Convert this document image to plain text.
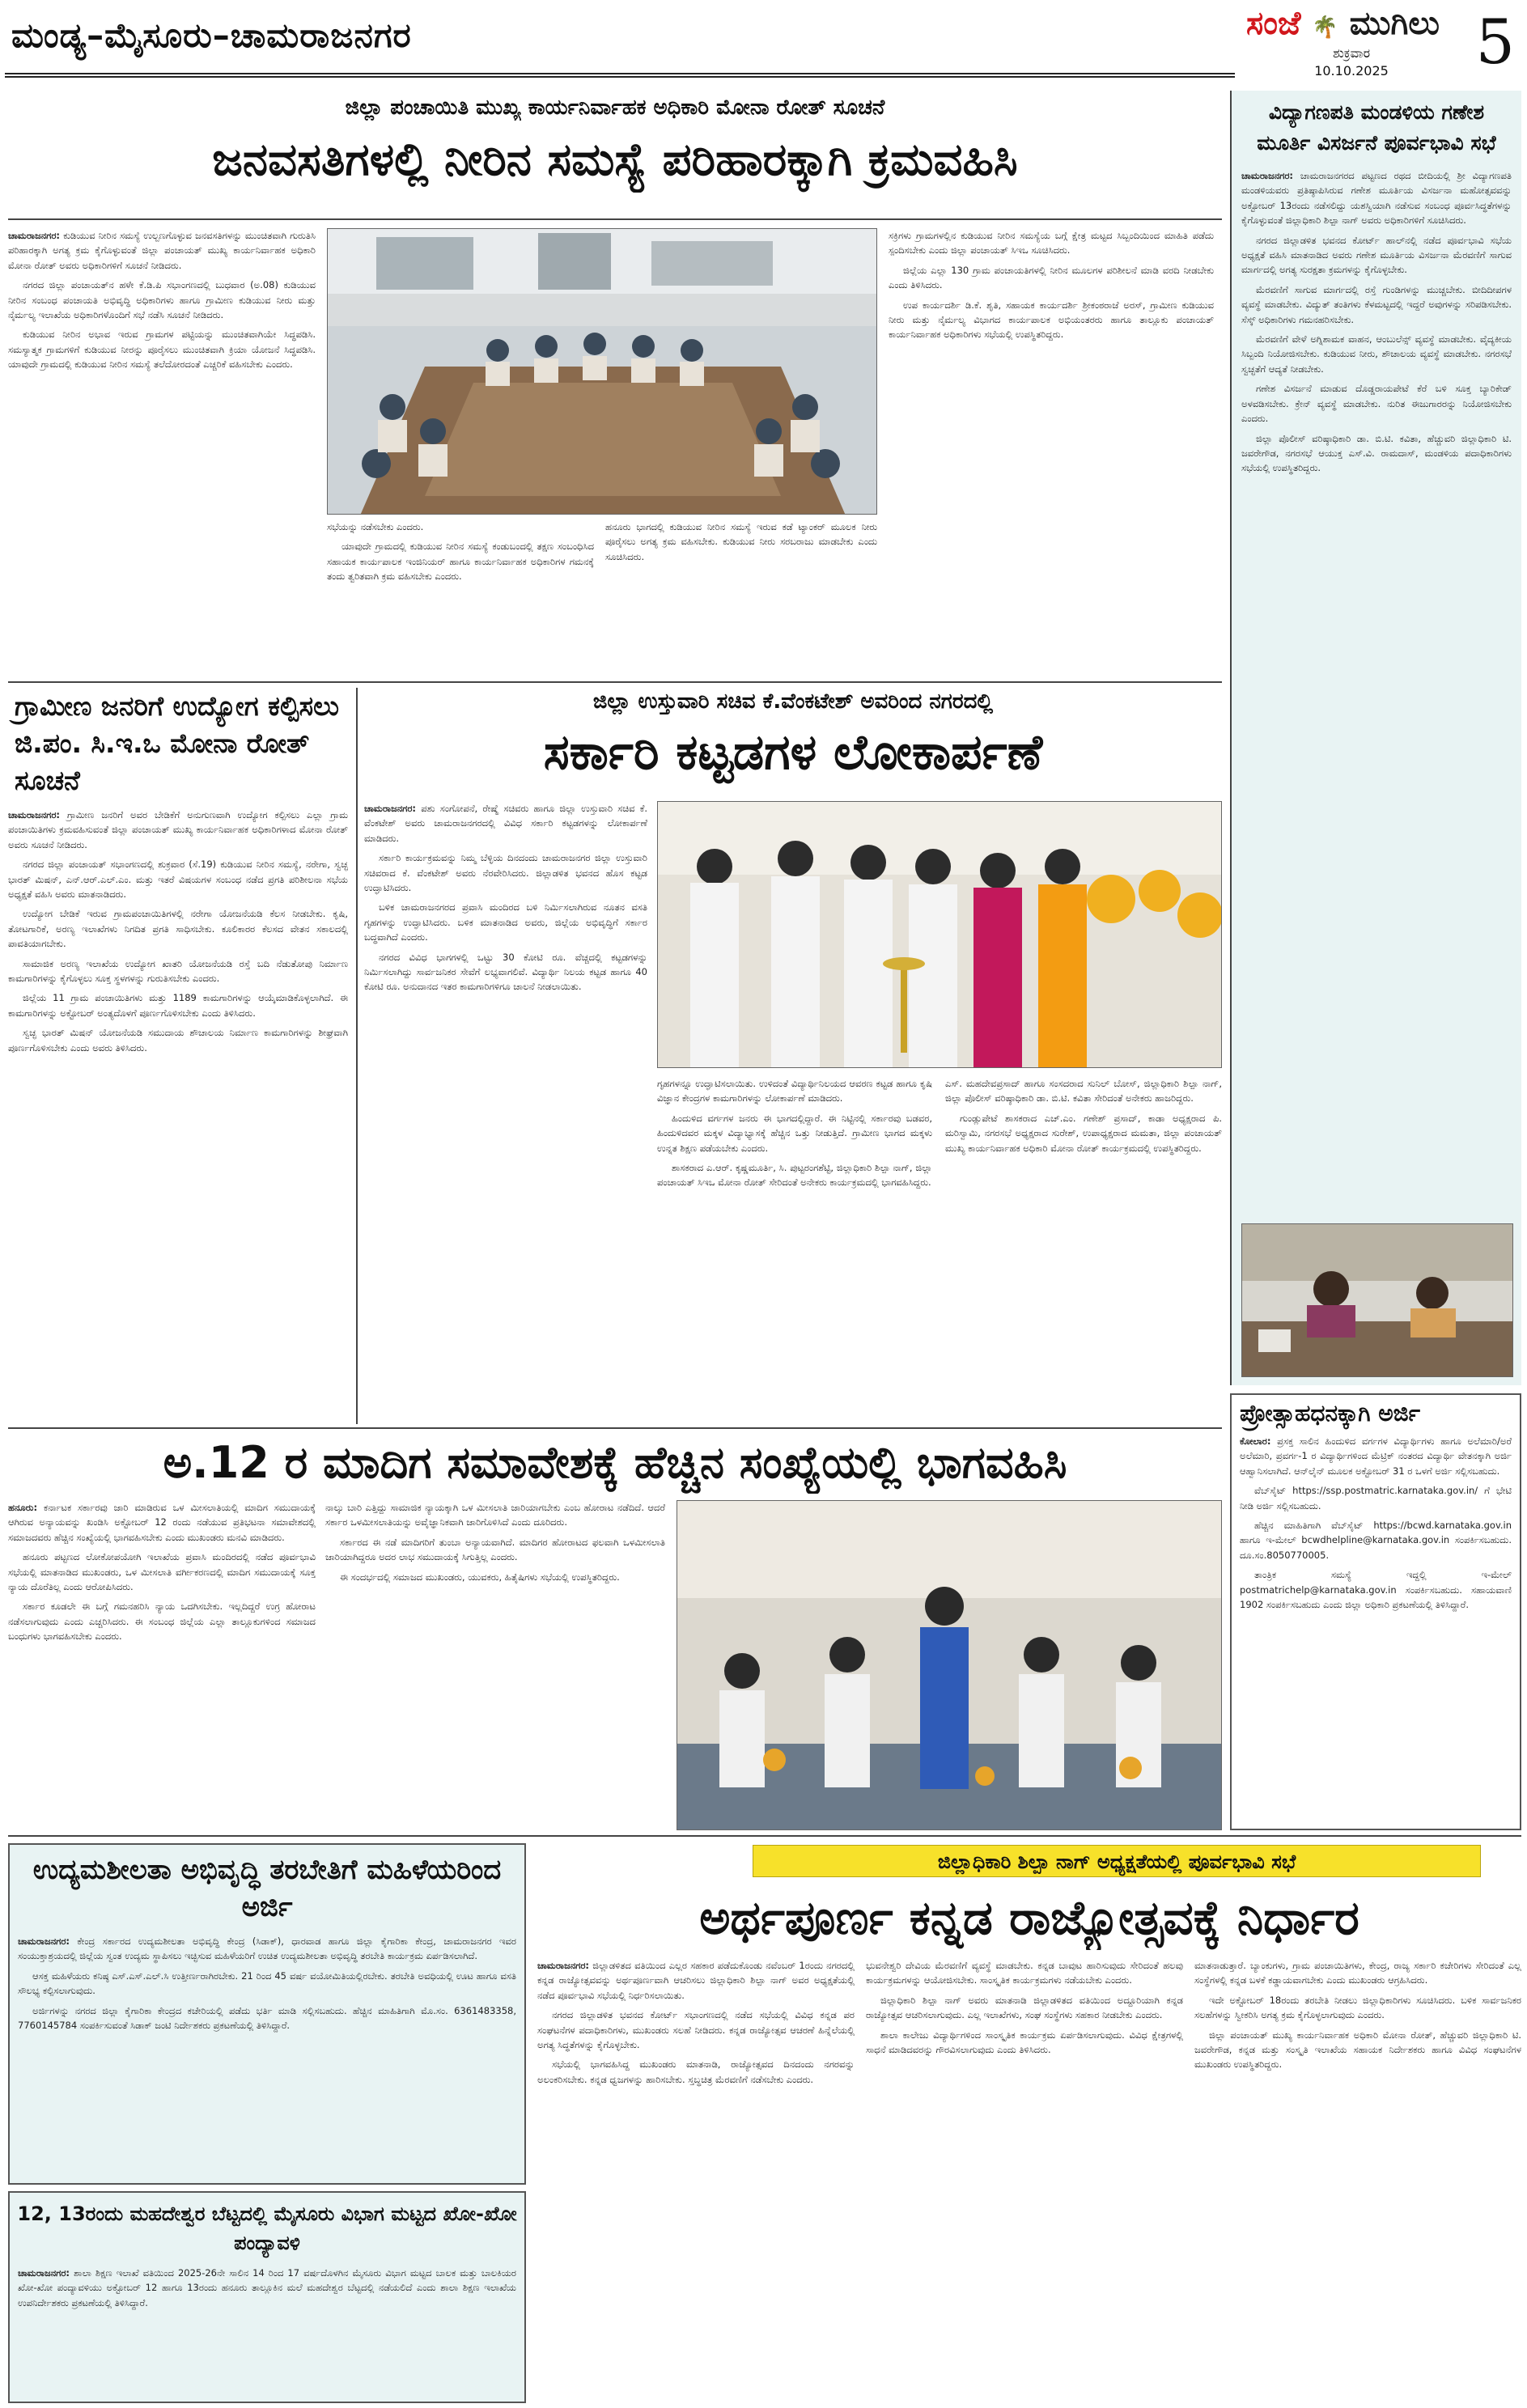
ಮಂಡ್ಯ–ಮೈಸೂರು–ಚಾಮರಾಜನಗರ	ಸಂಜೆ 🌴 ಮುಗಿಲು
ಶುಕ್ರವಾರ
10.10.2025	5
ಜಿಲ್ಲಾ ಪಂಚಾಯಿತಿ ಮುಖ್ಯ ಕಾರ್ಯನಿರ್ವಾಹಕ ಅಧಿಕಾರಿ ಮೋನಾ ರೋತ್ ಸೂಚನೆ
ಜನವಸತಿಗಳಲ್ಲಿ ನೀರಿನ ಸಮಸ್ಯೆ ಪರಿಹಾರಕ್ಕಾಗಿ ಕ್ರಮವಹಿಸಿ

ಚಾಮರಾಜನಗರ: ಕುಡಿಯುವ ನೀರಿನ ಸಮಸ್ಯೆ ಉಲ್ಬಣಗೊಳ್ಳುವ ಜನವಸತಿಗಳನ್ನು ಮುಂಚಿತವಾಗಿ ಗುರುತಿಸಿ ಪರಿಹಾರಕ್ಕಾಗಿ ಅಗತ್ಯ ಕ್ರಮ ಕೈಗೊಳ್ಳುವಂತೆ ಜಿಲ್ಲಾ ಪಂಚಾಯತ್ ಮುಖ್ಯ ಕಾರ್ಯನಿರ್ವಾಹಕ ಅಧಿಕಾರಿ ಮೋನಾ ರೋತ್ ಅವರು ಅಧಿಕಾರಿಗಳಿಗೆ ಸೂಚನೆ ನೀಡಿದರು.

ನಗರದ ಜಿಲ್ಲಾ ಪಂಚಾಯತ್‌ನ ಹಳೇ ಕೆ.ಡಿ.ಪಿ ಸಭಾಂಗಣದಲ್ಲಿ ಬುಧವಾರ (ಅ.08) ಕುಡಿಯುವ ನೀರಿನ ಸಂಬಂಧ ಪಂಚಾಯತಿ ಅಭಿವೃದ್ಧಿ ಅಧಿಕಾರಿಗಳು ಹಾಗೂ ಗ್ರಾಮೀಣ ಕುಡಿಯುವ ನೀರು ಮತ್ತು ನೈರ್ಮಲ್ಯ ಇಲಾಖೆಯ ಅಧಿಕಾರಿಗಳೊಂದಿಗೆ ಸಭೆ ನಡೆಸಿ ಸೂಚನೆ ನೀಡಿದರು.

ಕುಡಿಯುವ ನೀರಿನ ಅಭಾವ ಇರುವ ಗ್ರಾಮಗಳ ಪಟ್ಟಿಯನ್ನು ಮುಂಚಿತವಾಗಿಯೇ ಸಿದ್ಧಪಡಿಸಿ. ಸಮಸ್ಯಾತ್ಮಕ ಗ್ರಾಮಗಳಿಗೆ ಕುಡಿಯುವ ನೀರನ್ನು ಪೂರೈಸಲು ಮುಂಚಿತವಾಗಿ ಕ್ರಿಯಾ ಯೋಜನೆ ಸಿದ್ಧಪಡಿಸಿ. ಯಾವುದೇ ಗ್ರಾಮದಲ್ಲಿ ಕುಡಿಯುವ ನೀರಿನ ಸಮಸ್ಯೆ ತಲೆದೋರದಂತೆ ಎಚ್ಚರಿಕೆ ವಹಿಸಬೇಕು ಎಂದರು.

ಸಭೆಯನ್ನು ನಡೆಸಬೇಕು ಎಂದರು.

ಯಾವುದೇ ಗ್ರಾಮದಲ್ಲಿ ಕುಡಿಯುವ ನೀರಿನ ಸಮಸ್ಯೆ ಕಂಡುಬಂದಲ್ಲಿ ತಕ್ಷಣ ಸಂಬಂಧಿಸಿದ ಸಹಾಯಕ ಕಾರ್ಯಪಾಲಕ ಇಂಜಿನಿಯರ್ ಹಾಗೂ ಕಾರ್ಯನಿರ್ವಾಹಕ ಅಧಿಕಾರಿಗಳ ಗಮನಕ್ಕೆ ತಂದು ತ್ವರಿತವಾಗಿ ಕ್ರಮ ವಹಿಸಬೇಕು ಎಂದರು.

ಹನೂರು ಭಾಗದಲ್ಲಿ ಕುಡಿಯುವ ನೀರಿನ ಸಮಸ್ಯೆ ಇರುವ ಕಡೆ ಟ್ಯಾಂಕರ್ ಮೂಲಕ ನೀರು ಪೂರೈಸಲು ಅಗತ್ಯ ಕ್ರಮ ವಹಿಸಬೇಕು. ಕುಡಿಯುವ ನೀರು ಸರಬರಾಜು ಮಾಡಬೇಕು ಎಂದು ಸೂಚಿಸಿದರು.

ಸಕ್ರಿಗಳು ಗ್ರಾಮಗಳಲ್ಲಿನ ಕುಡಿಯುವ ನೀರಿನ ಸಮಸ್ಯೆಯ ಬಗ್ಗೆ ಕ್ಷೇತ್ರ ಮಟ್ಟದ ಸಿಬ್ಬಂದಿಯಿಂದ ಮಾಹಿತಿ ಪಡೆದು ಸ್ಪಂದಿಸಬೇಕು ಎಂದು ಜಿಲ್ಲಾ ಪಂಚಾಯತ್ ಸಿಇಒ ಸೂಚಿಸಿದರು.

ಜಿಲ್ಲೆಯ ಎಲ್ಲಾ 130 ಗ್ರಾಮ ಪಂಚಾಯತಿಗಳಲ್ಲಿ ನೀರಿನ ಮೂಲಗಳ ಪರಿಶೀಲನೆ ಮಾಡಿ ವರದಿ ನೀಡಬೇಕು ಎಂದು ತಿಳಿಸಿದರು.

ಉಪ ಕಾರ್ಯದರ್ಶಿ ಡಿ.ಕೆ. ಶೃತಿ, ಸಹಾಯಕ ಕಾರ್ಯದರ್ಶಿ ಶ್ರೀಕಂಠರಾಜೆ ಅರಸ್, ಗ್ರಾಮೀಣ ಕುಡಿಯುವ ನೀರು ಮತ್ತು ನೈರ್ಮಲ್ಯ ವಿಭಾಗದ ಕಾರ್ಯಪಾಲಕ ಅಭಿಯಂತರರು ಹಾಗೂ ತಾಲ್ಲೂಕು ಪಂಚಾಯತ್ ಕಾರ್ಯನಿರ್ವಾಹಕ ಅಧಿಕಾರಿಗಳು ಸಭೆಯಲ್ಲಿ ಉಪಸ್ಥಿತರಿದ್ದರು.

ವಿದ್ಯಾಗಣಪತಿ ಮಂಡಳಿಯ ಗಣೇಶ ಮೂರ್ತಿ ವಿಸರ್ಜನೆ ಪೂರ್ವಭಾವಿ ಸಭೆ

ಚಾಮರಾಜನಗರ: ಚಾಮರಾಜನಗರದ ಪಟ್ಟಣದ ರಥದ ಬೀದಿಯಲ್ಲಿ ಶ್ರೀ ವಿದ್ಯಾಗಣಪತಿ ಮಂಡಳಿಯವರು ಪ್ರತಿಷ್ಠಾಪಿಸಿರುವ ಗಣೇಶ ಮೂರ್ತಿಯ ವಿಸರ್ಜನಾ ಮಹೋತ್ಸವವನ್ನು ಅಕ್ಟೋಬರ್ 13ರಂದು ನಡೆಸಲಿದ್ದು ಯಶಸ್ವಿಯಾಗಿ ನಡೆಸುವ ಸಂಬಂಧ ಪೂರ್ವಸಿದ್ಧತೆಗಳನ್ನು ಕೈಗೊಳ್ಳುವಂತೆ ಜಿಲ್ಲಾಧಿಕಾರಿ ಶಿಲ್ಪಾ ನಾಗ್ ಅವರು ಅಧಿಕಾರಿಗಳಿಗೆ ಸೂಚಿಸಿದರು.

ನಗರದ ಜಿಲ್ಲಾಡಳಿತ ಭವನದ ಕೋರ್ಟ್ ಹಾಲ್‌ನಲ್ಲಿ ನಡೆದ ಪೂರ್ವಭಾವಿ ಸಭೆಯ ಅಧ್ಯಕ್ಷತೆ ವಹಿಸಿ ಮಾತನಾಡಿದ ಅವರು ಗಣೇಶ ಮೂರ್ತಿಯ ವಿಸರ್ಜನಾ ಮೆರವಣಿಗೆ ಸಾಗುವ ಮಾರ್ಗದಲ್ಲಿ ಅಗತ್ಯ ಸುರಕ್ಷತಾ ಕ್ರಮಗಳನ್ನು ಕೈಗೊಳ್ಳಬೇಕು.

ಮೆರವಣಿಗೆ ಸಾಗುವ ಮಾರ್ಗದಲ್ಲಿ ರಸ್ತೆ ಗುಂಡಿಗಳನ್ನು ಮುಚ್ಚಬೇಕು. ಬೀದಿದೀಪಗಳ ವ್ಯವಸ್ಥೆ ಮಾಡಬೇಕು. ವಿದ್ಯುತ್ ತಂತಿಗಳು ಕೆಳಮಟ್ಟದಲ್ಲಿ ಇದ್ದರೆ ಅವುಗಳನ್ನು ಸರಿಪಡಿಸಬೇಕು. ಸೆಸ್ಕ್ ಅಧಿಕಾರಿಗಳು ಗಮನಹರಿಸಬೇಕು.

ಮೆರವಣಿಗೆ ವೇಳೆ ಅಗ್ನಿಶಾಮಕ ವಾಹನ, ಆಂಬುಲೆನ್ಸ್ ವ್ಯವಸ್ಥೆ ಮಾಡಬೇಕು. ವೈದ್ಯಕೀಯ ಸಿಬ್ಬಂದಿ ನಿಯೋಜಿಸಬೇಕು. ಕುಡಿಯುವ ನೀರು, ಶೌಚಾಲಯ ವ್ಯವಸ್ಥೆ ಮಾಡಬೇಕು. ನಗರಸಭೆ ಸ್ವಚ್ಛತೆಗೆ ಆದ್ಯತೆ ನೀಡಬೇಕು.

ಗಣೇಶ ವಿಸರ್ಜನೆ ಮಾಡುವ ದೊಡ್ಡರಾಯಪೇಟೆ ಕೆರೆ ಬಳಿ ಸೂಕ್ತ ಬ್ಯಾರಿಕೇಡ್ ಅಳವಡಿಸಬೇಕು. ಕ್ರೇನ್ ವ್ಯವಸ್ಥೆ ಮಾಡಬೇಕು. ನುರಿತ ಈಜುಗಾರರನ್ನು ನಿಯೋಜಿಸಬೇಕು ಎಂದರು.

ಜಿಲ್ಲಾ ಪೊಲೀಸ್ ವರಿಷ್ಠಾಧಿಕಾರಿ ಡಾ. ಬಿ.ಟಿ. ಕವಿತಾ, ಹೆಚ್ಚುವರಿ ಜಿಲ್ಲಾಧಿಕಾರಿ ಟಿ. ಜವರೇಗೌಡ, ನಗರಸಭೆ ಆಯುಕ್ತ ಎಸ್.ವಿ. ರಾಮದಾಸ್, ಮಂಡಳಿಯ ಪದಾಧಿಕಾರಿಗಳು ಸಭೆಯಲ್ಲಿ ಉಪಸ್ಥಿತರಿದ್ದರು.

ಗ್ರಾಮೀಣ ಜನರಿಗೆ ಉದ್ಯೋಗ ಕಲ್ಪಿಸಲು ಜಿ.ಪಂ. ಸಿ.ಇ.ಒ ಮೋನಾ ರೋತ್ ಸೂಚನೆ

ಚಾಮರಾಜನಗರ: ಗ್ರಾಮೀಣ ಜನರಿಗೆ ಅವರ ಬೇಡಿಕೆಗೆ ಅನುಗುಣವಾಗಿ ಉದ್ಯೋಗ ಕಲ್ಪಿಸಲು ಎಲ್ಲಾ ಗ್ರಾಮ ಪಂಚಾಯಿತಿಗಳು ಕ್ರಮವಹಿಸುವಂತೆ ಜಿಲ್ಲಾ ಪಂಚಾಯತ್ ಮುಖ್ಯ ಕಾರ್ಯನಿರ್ವಾಹಕ ಅಧಿಕಾರಿಗಳಾದ ಮೋನಾ ರೋತ್ ಅವರು ಸೂಚನೆ ನೀಡಿದರು.

ನಗರದ ಜಿಲ್ಲಾ ಪಂಚಾಯತ್ ಸಭಾಂಗಣದಲ್ಲಿ ಶುಕ್ರವಾರ (ಸೆ.19) ಕುಡಿಯುವ ನೀರಿನ ಸಮಸ್ಯೆ, ನರೇಗಾ, ಸ್ವಚ್ಛ ಭಾರತ್ ಮಿಷನ್, ಎನ್.ಆರ್.ಎಲ್.ಎಂ. ಮತ್ತು ಇತರೆ ವಿಷಯಗಳ ಸಂಬಂಧ ನಡೆದ ಪ್ರಗತಿ ಪರಿಶೀಲನಾ ಸಭೆಯ ಅಧ್ಯಕ್ಷತೆ ವಹಿಸಿ ಅವರು ಮಾತನಾಡಿದರು.

ಉದ್ಯೋಗ ಬೇಡಿಕೆ ಇರುವ ಗ್ರಾಮಪಂಚಾಯಿತಿಗಳಲ್ಲಿ ನರೇಗಾ ಯೋಜನೆಯಡಿ ಕೆಲಸ ನೀಡಬೇಕು. ಕೃಷಿ, ತೋಟಗಾರಿಕೆ, ಅರಣ್ಯ ಇಲಾಖೆಗಳು ನಿಗದಿತ ಪ್ರಗತಿ ಸಾಧಿಸಬೇಕು. ಕೂಲಿಕಾರರ ಕೆಲಸದ ವೇತನ ಸಕಾಲದಲ್ಲಿ ಪಾವತಿಯಾಗಬೇಕು.

ಸಾಮಾಜಿಕ ಅರಣ್ಯ ಇಲಾಖೆಯ ಉದ್ಯೋಗ ಖಾತರಿ ಯೋಜನೆಯಡಿ ರಸ್ತೆ ಬದಿ ನೆಡುತೋಪು ನಿರ್ಮಾಣ ಕಾಮಗಾರಿಗಳನ್ನು ಕೈಗೊಳ್ಳಲು ಸೂಕ್ತ ಸ್ಥಳಗಳನ್ನು ಗುರುತಿಸಬೇಕು ಎಂದರು.

ಜಿಲ್ಲೆಯ 11 ಗ್ರಾಮ ಪಂಚಾಯಿತಿಗಳು ಮತ್ತು 1189 ಕಾಮಗಾರಿಗಳನ್ನು ಆಯ್ಕೆಮಾಡಿಕೊಳ್ಳಲಾಗಿದೆ. ಈ ಕಾಮಗಾರಿಗಳನ್ನು ಅಕ್ಟೋಬರ್ ಅಂತ್ಯದೊಳಗೆ ಪೂರ್ಣಗೊಳಿಸಬೇಕು ಎಂದು ತಿಳಿಸಿದರು.

ಸ್ವಚ್ಛ ಭಾರತ್ ಮಿಷನ್ ಯೋಜನೆಯಡಿ ಸಮುದಾಯ ಶೌಚಾಲಯ ನಿರ್ಮಾಣ ಕಾಮಗಾರಿಗಳನ್ನು ಶೀಘ್ರವಾಗಿ ಪೂರ್ಣಗೊಳಿಸಬೇಕು ಎಂದು ಅವರು ತಿಳಿಸಿದರು.

ಜಿಲ್ಲಾ ಉಸ್ತುವಾರಿ ಸಚಿವ ಕೆ.ವೆಂಕಟೇಶ್ ಅವರಿಂದ ನಗರದಲ್ಲಿ
ಸರ್ಕಾರಿ ಕಟ್ಟಡಗಳ ಲೋಕಾರ್ಪಣೆ

ಚಾಮರಾಜನಗರ: ಪಶು ಸಂಗೋಪನೆ, ರೇಷ್ಮೆ ಸಚಿವರು ಹಾಗೂ ಜಿಲ್ಲಾ ಉಸ್ತುವಾರಿ ಸಚಿವ ಕೆ. ವೆಂಕಟೇಶ್ ಅವರು ಚಾಮರಾಜನಗರದಲ್ಲಿ ವಿವಿಧ ಸರ್ಕಾರಿ ಕಟ್ಟಡಗಳನ್ನು ಲೋಕಾರ್ಪಣೆ ಮಾಡಿದರು.

ಸರ್ಕಾರಿ ಕಾರ್ಯಕ್ರಮವನ್ನು ನಿಮ್ಮ ಬೆಳ್ಳಿಯ ದಿನದಂದು ಚಾಮರಾಜನಗರ ಜಿಲ್ಲಾ ಉಸ್ತುವಾರಿ ಸಚಿವರಾದ ಕೆ. ವೆಂಕಟೇಶ್ ಅವರು ನೆರವೇರಿಸಿದರು. ಜಿಲ್ಲಾಡಳಿತ ಭವನದ ಹೊಸ ಕಟ್ಟಡ ಉದ್ಘಾಟಿಸಿದರು.

ಬಳಿಕ ಚಾಮರಾಜನಗರದ ಪ್ರವಾಸಿ ಮಂದಿರದ ಬಳಿ ನಿರ್ಮಿಸಲಾಗಿರುವ ನೂತನ ವಸತಿ ಗೃಹಗಳನ್ನು ಉದ್ಘಾಟಿಸಿದರು. ಬಳಿಕ ಮಾತನಾಡಿದ ಅವರು, ಜಿಲ್ಲೆಯ ಅಭಿವೃದ್ಧಿಗೆ ಸರ್ಕಾರ ಬದ್ಧವಾಗಿದೆ ಎಂದರು.

ನಗರದ ವಿವಿಧ ಭಾಗಗಳಲ್ಲಿ ಒಟ್ಟು 30 ಕೋಟಿ ರೂ. ವೆಚ್ಚದಲ್ಲಿ ಕಟ್ಟಡಗಳನ್ನು ನಿರ್ಮಿಸಲಾಗಿದ್ದು ಸಾರ್ವಜನಿಕರ ಸೇವೆಗೆ ಲಭ್ಯವಾಗಲಿವೆ. ವಿದ್ಯಾರ್ಥಿ ನಿಲಯ ಕಟ್ಟಡ ಹಾಗೂ 40 ಕೋಟಿ ರೂ. ಅನುದಾನದ ಇತರ ಕಾಮಗಾರಿಗಳಿಗೂ ಚಾಲನೆ ನೀಡಲಾಯಿತು.

ಗೃಹಗಳನ್ನೂ ಉದ್ಘಾಟಿಸಲಾಯಿತು. ಉಳಿದಂತೆ ವಿದ್ಯಾರ್ಥಿನಿಲಯದ ಆವರಣ ಕಟ್ಟಡ ಹಾಗೂ ಕೃಷಿ ವಿಜ್ಞಾನ ಕೇಂದ್ರಗಳ ಕಾಮಗಾರಿಗಳನ್ನು ಲೋಕಾರ್ಪಣೆ ಮಾಡಿದರು.

ಹಿಂದುಳಿದ ವರ್ಗಗಳ ಜನರು ಈ ಭಾಗದಲ್ಲಿದ್ದಾರೆ. ಈ ನಿಟ್ಟಿನಲ್ಲಿ ಸರ್ಕಾರವು ಬಡವರ, ಹಿಂದುಳಿದವರ ಮಕ್ಕಳ ವಿದ್ಯಾಭ್ಯಾಸಕ್ಕೆ ಹೆಚ್ಚಿನ ಒತ್ತು ನೀಡುತ್ತಿದೆ. ಗ್ರಾಮೀಣ ಭಾಗದ ಮಕ್ಕಳು ಉನ್ನತ ಶಿಕ್ಷಣ ಪಡೆಯಬೇಕು ಎಂದರು.

ಶಾಸಕರಾದ ಎ.ಆರ್. ಕೃಷ್ಣಮೂರ್ತಿ, ಸಿ. ಪುಟ್ಟರಂಗಶೆಟ್ಟಿ, ಜಿಲ್ಲಾಧಿಕಾರಿ ಶಿಲ್ಪಾ ನಾಗ್, ಜಿಲ್ಲಾ ಪಂಚಾಯತ್ ಸಿಇಒ ಮೋನಾ ರೋತ್ ಸೇರಿದಂತೆ ಅನೇಕರು ಕಾರ್ಯಕ್ರಮದಲ್ಲಿ ಭಾಗವಹಿಸಿದ್ದರು.

ಎಸ್. ಮಹದೇವಪ್ರಸಾದ್ ಹಾಗೂ ಸಂಸದರಾದ ಸುನಿಲ್ ಬೋಸ್, ಜಿಲ್ಲಾಧಿಕಾರಿ ಶಿಲ್ಪಾ ನಾಗ್, ಜಿಲ್ಲಾ ಪೊಲೀಸ್ ವರಿಷ್ಠಾಧಿಕಾರಿ ಡಾ. ಬಿ.ಟಿ. ಕವಿತಾ ಸೇರಿದಂತೆ ಅನೇಕರು ಹಾಜರಿದ್ದರು.

ಗುಂಡ್ಲುಪೇಟೆ ಶಾಸಕರಾದ ಎಚ್.ಎಂ. ಗಣೇಶ್ ಪ್ರಸಾದ್, ಕಾಡಾ ಅಧ್ಯಕ್ಷರಾದ ಪಿ. ಮರಿಸ್ವಾಮಿ, ನಗರಸಭೆ ಅಧ್ಯಕ್ಷರಾದ ಸುರೇಶ್, ಉಪಾಧ್ಯಕ್ಷರಾದ ಮಮತಾ, ಜಿಲ್ಲಾ ಪಂಚಾಯತ್ ಮುಖ್ಯ ಕಾರ್ಯನಿರ್ವಾಹಕ ಅಧಿಕಾರಿ ಮೋನಾ ರೋತ್ ಕಾರ್ಯಕ್ರಮದಲ್ಲಿ ಉಪಸ್ಥಿತರಿದ್ದರು.

ಪ್ರೋತ್ಸಾಹಧನಕ್ಕಾಗಿ ಅರ್ಜಿ

ಕೋಲಾರ: ಪ್ರಸಕ್ತ ಸಾಲಿನ ಹಿಂದುಳಿದ ವರ್ಗಗಳ ವಿದ್ಯಾರ್ಥಿಗಳು ಹಾಗೂ ಅಲೆಮಾರಿ/ಅರೆ ಅಲೆಮಾರಿ, ಪ್ರವರ್ಗ-1 ರ ವಿದ್ಯಾರ್ಥಿಗಳಿಂದ ಮೆಟ್ರಿಕ್ ನಂತರದ ವಿದ್ಯಾರ್ಥಿ ವೇತನಕ್ಕಾಗಿ ಅರ್ಜಿ ಆಹ್ವಾನಿಸಲಾಗಿದೆ. ಆನ್‌ಲೈನ್ ಮೂಲಕ ಅಕ್ಟೋಬರ್ 31 ರ ಒಳಗೆ ಅರ್ಜಿ ಸಲ್ಲಿಸಬಹುದು.

ವೆಬ್‌ಸೈಟ್ https://ssp.postmatric.karnataka.gov.in/ ಗೆ ಭೇಟಿ ನೀಡಿ ಅರ್ಜಿ ಸಲ್ಲಿಸಬಹುದು.

ಹೆಚ್ಚಿನ ಮಾಹಿತಿಗಾಗಿ ವೆಬ್‌ಸೈಟ್ https://bcwd.karnataka.gov.in ಹಾಗೂ ಇ-ಮೇಲ್ bcwdhelpline@karnataka.gov.in ಸಂಪರ್ಕಿಸಬಹುದು. ದೂ.ಸಂ.8050770005.

ತಾಂತ್ರಿಕ ಸಮಸ್ಯೆ ಇದ್ದಲ್ಲಿ ಇ-ಮೇಲ್ postmatrichelp@karnataka.gov.in ಸಂಪರ್ಕಿಸಬಹುದು. ಸಹಾಯವಾಣಿ 1902 ಸಂಪರ್ಕಿಸಬಹುದು ಎಂದು ಜಿಲ್ಲಾ ಅಧಿಕಾರಿ ಪ್ರಕಟಣೆಯಲ್ಲಿ ತಿಳಿಸಿದ್ದಾರೆ.

ಅ.12 ರ ಮಾದಿಗ ಸಮಾವೇಶಕ್ಕೆ ಹೆಚ್ಚಿನ ಸಂಖ್ಯೆಯಲ್ಲಿ ಭಾಗವಹಿಸಿ

ಹನೂರು: ಕರ್ನಾಟಕ ಸರ್ಕಾರವು ಜಾರಿ ಮಾಡಿರುವ ಒಳ ಮೀಸಲಾತಿಯಲ್ಲಿ ಮಾದಿಗ ಸಮುದಾಯಕ್ಕೆ ಆಗಿರುವ ಅನ್ಯಾಯವನ್ನು ಖಂಡಿಸಿ ಅಕ್ಟೋಬರ್ 12 ರಂದು ನಡೆಯುವ ಪ್ರತಿಭಟನಾ ಸಮಾವೇಶದಲ್ಲಿ ಸಮಾಜದವರು ಹೆಚ್ಚಿನ ಸಂಖ್ಯೆಯಲ್ಲಿ ಭಾಗವಹಿಸಬೇಕು ಎಂದು ಮುಖಂಡರು ಮನವಿ ಮಾಡಿದರು.

ಹನೂರು ಪಟ್ಟಣದ ಲೋಕೋಪಯೋಗಿ ಇಲಾಖೆಯ ಪ್ರವಾಸಿ ಮಂದಿರದಲ್ಲಿ ನಡೆದ ಪೂರ್ವಭಾವಿ ಸಭೆಯಲ್ಲಿ ಮಾತನಾಡಿದ ಮುಖಂಡರು, ಒಳ ಮೀಸಲಾತಿ ವರ್ಗೀಕರಣದಲ್ಲಿ ಮಾದಿಗ ಸಮುದಾಯಕ್ಕೆ ಸೂಕ್ತ ನ್ಯಾಯ ದೊರೆತಿಲ್ಲ ಎಂದು ಆರೋಪಿಸಿದರು.

ಸರ್ಕಾರ ಕೂಡಲೇ ಈ ಬಗ್ಗೆ ಗಮನಹರಿಸಿ ನ್ಯಾಯ ಒದಗಿಸಬೇಕು. ಇಲ್ಲದಿದ್ದರೆ ಉಗ್ರ ಹೋರಾಟ ನಡೆಸಲಾಗುವುದು ಎಂದು ಎಚ್ಚರಿಸಿದರು. ಈ ಸಂಬಂಧ ಜಿಲ್ಲೆಯ ಎಲ್ಲಾ ತಾಲ್ಲೂಕುಗಳಿಂದ ಸಮಾಜದ ಬಂಧುಗಳು ಭಾಗವಹಿಸಬೇಕು ಎಂದರು.

ನಾಲ್ಕು ಬಾರಿ ಎತ್ತಿದ್ದು ಸಾಮಾಜಿಕ ನ್ಯಾಯಕ್ಕಾಗಿ ಒಳ ಮೀಸಲಾತಿ ಜಾರಿಯಾಗಬೇಕು ಎಂಬ ಹೋರಾಟ ನಡೆದಿದೆ. ಆದರೆ ಸರ್ಕಾರ ಒಳಮೀಸಲಾತಿಯನ್ನು ಅವೈಜ್ಞಾನಿಕವಾಗಿ ಜಾರಿಗೊಳಿಸಿದೆ ಎಂದು ದೂರಿದರು.

ಸರ್ಕಾರದ ಈ ನಡೆ ಮಾದಿಗರಿಗೆ ತುಂಬಾ ಅನ್ಯಾಯವಾಗಿದೆ. ಮಾದಿಗರ ಹೋರಾಟದ ಫಲವಾಗಿ ಒಳಮೀಸಲಾತಿ ಜಾರಿಯಾಗಿದ್ದರೂ ಅದರ ಲಾಭ ಸಮುದಾಯಕ್ಕೆ ಸಿಗುತ್ತಿಲ್ಲ ಎಂದರು.

ಈ ಸಂದರ್ಭದಲ್ಲಿ ಸಮಾಜದ ಮುಖಂಡರು, ಯುವಕರು, ಹಿತೈಷಿಗಳು ಸಭೆಯಲ್ಲಿ ಉಪಸ್ಥಿತರಿದ್ದರು.

ಉದ್ಯಮಶೀಲತಾ ಅಭಿವೃದ್ಧಿ ತರಬೇತಿಗೆ ಮಹಿಳೆಯರಿಂದ ಅರ್ಜಿ

ಚಾಮರಾಜನಗರ: ಕೇಂದ್ರ ಸರ್ಕಾರದ ಉದ್ಯಮಶೀಲತಾ ಅಭಿವೃದ್ಧಿ ಕೇಂದ್ರ (ಸಿಡಾಕ್), ಧಾರವಾಡ ಹಾಗೂ ಜಿಲ್ಲಾ ಕೈಗಾರಿಕಾ ಕೇಂದ್ರ, ಚಾಮರಾಜನಗರ ಇವರ ಸಂಯುಕ್ತಾಶ್ರಯದಲ್ಲಿ ಜಿಲ್ಲೆಯ ಸ್ವಂತ ಉದ್ಯಮ ಸ್ಥಾಪಿಸಲು ಇಚ್ಛಿಸುವ ಮಹಿಳೆಯರಿಗೆ ಉಚಿತ ಉದ್ಯಮಶೀಲತಾ ಅಭಿವೃದ್ಧಿ ತರಬೇತಿ ಕಾರ್ಯಕ್ರಮ ಏರ್ಪಡಿಸಲಾಗಿದೆ.

ಆಸಕ್ತ ಮಹಿಳೆಯರು ಕನಿಷ್ಠ ಎಸ್.ಎಸ್.ಎಲ್.ಸಿ ಉತ್ತೀರ್ಣರಾಗಿರಬೇಕು. 21 ರಿಂದ 45 ವರ್ಷ ವಯೋಮಿತಿಯಲ್ಲಿರಬೇಕು. ತರಬೇತಿ ಅವಧಿಯಲ್ಲಿ ಊಟ ಹಾಗೂ ವಸತಿ ಸೌಲಭ್ಯ ಕಲ್ಪಿಸಲಾಗುವುದು.

ಅರ್ಜಿಗಳನ್ನು ನಗರದ ಜಿಲ್ಲಾ ಕೈಗಾರಿಕಾ ಕೇಂದ್ರದ ಕಚೇರಿಯಲ್ಲಿ ಪಡೆದು ಭರ್ತಿ ಮಾಡಿ ಸಲ್ಲಿಸಬಹುದು. ಹೆಚ್ಚಿನ ಮಾಹಿತಿಗಾಗಿ ಮೊ.ಸಂ. 6361483358, 7760145784 ಸಂಪರ್ಕಿಸುವಂತೆ ಸಿಡಾಕ್ ಜಂಟಿ ನಿರ್ದೇಶಕರು ಪ್ರಕಟಣೆಯಲ್ಲಿ ತಿಳಿಸಿದ್ದಾರೆ.

12, 13ರಂದು ಮಹದೇಶ್ವರ ಬೆಟ್ಟದಲ್ಲಿ ಮೈಸೂರು ವಿಭಾಗ ಮಟ್ಟದ ಖೋ-ಖೋ ಪಂದ್ಯಾವಳಿ

ಚಾಮರಾಜನಗರ: ಶಾಲಾ ಶಿಕ್ಷಣ ಇಲಾಖೆ ವತಿಯಿಂದ 2025-26ನೇ ಸಾಲಿನ 14 ರಿಂದ 17 ವರ್ಷದೊಳಗಿನ ಮೈಸೂರು ವಿಭಾಗ ಮಟ್ಟದ ಬಾಲಕ ಮತ್ತು ಬಾಲಕಿಯರ ಖೋ-ಖೋ ಪಂದ್ಯಾವಳಿಯು ಅಕ್ಟೋಬರ್ 12 ಹಾಗೂ 13ರಂದು ಹನೂರು ತಾಲ್ಲೂಕಿನ ಮಲೆ ಮಹದೇಶ್ವರ ಬೆಟ್ಟದಲ್ಲಿ ನಡೆಯಲಿದೆ ಎಂದು ಶಾಲಾ ಶಿಕ್ಷಣ ಇಲಾಖೆಯ ಉಪನಿರ್ದೇಶಕರು ಪ್ರಕಟಣೆಯಲ್ಲಿ ತಿಳಿಸಿದ್ದಾರೆ.

ಜಿಲ್ಲಾಧಿಕಾರಿ ಶಿಲ್ಪಾ ನಾಗ್ ಅಧ್ಯಕ್ಷತೆಯಲ್ಲಿ ಪೂರ್ವಭಾವಿ ಸಭೆ
ಅರ್ಥಪೂರ್ಣ ಕನ್ನಡ ರಾಜ್ಯೋತ್ಸವಕ್ಕೆ ನಿರ್ಧಾರ

ಚಾಮರಾಜನಗರ: ಜಿಲ್ಲಾಡಳಿತದ ವತಿಯಿಂದ ಎಲ್ಲರ ಸಹಕಾರ ಪಡೆದುಕೊಂಡು ನವೆಂಬರ್ 1ರಂದು ನಗರದಲ್ಲಿ ಕನ್ನಡ ರಾಜ್ಯೋತ್ಸವವನ್ನು ಅರ್ಥಪೂರ್ಣವಾಗಿ ಆಚರಿಸಲು ಜಿಲ್ಲಾಧಿಕಾರಿ ಶಿಲ್ಪಾ ನಾಗ್ ಅವರ ಅಧ್ಯಕ್ಷತೆಯಲ್ಲಿ ನಡೆದ ಪೂರ್ವಭಾವಿ ಸಭೆಯಲ್ಲಿ ನಿರ್ಧರಿಸಲಾಯಿತು.

ನಗರದ ಜಿಲ್ಲಾಡಳಿತ ಭವನದ ಕೋರ್ಟ್ ಸಭಾಂಗಣದಲ್ಲಿ ನಡೆದ ಸಭೆಯಲ್ಲಿ ವಿವಿಧ ಕನ್ನಡ ಪರ ಸಂಘಟನೆಗಳ ಪದಾಧಿಕಾರಿಗಳು, ಮುಖಂಡರು ಸಲಹೆ ನೀಡಿದರು. ಕನ್ನಡ ರಾಜ್ಯೋತ್ಸವ ಆಚರಣೆ ಹಿನ್ನೆಲೆಯಲ್ಲಿ ಅಗತ್ಯ ಸಿದ್ಧತೆಗಳನ್ನು ಕೈಗೊಳ್ಳಬೇಕು.

ಸಭೆಯಲ್ಲಿ ಭಾಗವಹಿಸಿದ್ದ ಮುಖಂಡರು ಮಾತನಾಡಿ, ರಾಜ್ಯೋತ್ಸವದ ದಿನದಂದು ನಗರವನ್ನು ಅಲಂಕರಿಸಬೇಕು. ಕನ್ನಡ ಧ್ವಜಗಳನ್ನು ಹಾರಿಸಬೇಕು. ಸ್ತಬ್ಧಚಿತ್ರ ಮೆರವಣಿಗೆ ನಡೆಸಬೇಕು ಎಂದರು.

ಭುವನೇಶ್ವರಿ ದೇವಿಯ ಮೆರವಣಿಗೆ ವ್ಯವಸ್ಥೆ ಮಾಡಬೇಕು. ಕನ್ನಡ ಬಾವುಟ ಹಾರಿಸುವುದು ಸೇರಿದಂತೆ ಹಲವು ಕಾರ್ಯಕ್ರಮಗಳನ್ನು ಆಯೋಜಿಸಬೇಕು. ಸಾಂಸ್ಕೃತಿಕ ಕಾರ್ಯಕ್ರಮಗಳು ನಡೆಯಬೇಕು ಎಂದರು.

ಜಿಲ್ಲಾಧಿಕಾರಿ ಶಿಲ್ಪಾ ನಾಗ್ ಅವರು ಮಾತನಾಡಿ ಜಿಲ್ಲಾಡಳಿತದ ವತಿಯಿಂದ ಅದ್ದೂರಿಯಾಗಿ ಕನ್ನಡ ರಾಜ್ಯೋತ್ಸವ ಆಚರಿಸಲಾಗುವುದು. ಎಲ್ಲ ಇಲಾಖೆಗಳು, ಸಂಘ ಸಂಸ್ಥೆಗಳು ಸಹಕಾರ ನೀಡಬೇಕು ಎಂದರು.

ಶಾಲಾ ಕಾಲೇಜು ವಿದ್ಯಾರ್ಥಿಗಳಿಂದ ಸಾಂಸ್ಕೃತಿಕ ಕಾರ್ಯಕ್ರಮ ಏರ್ಪಡಿಸಲಾಗುವುದು. ವಿವಿಧ ಕ್ಷೇತ್ರಗಳಲ್ಲಿ ಸಾಧನೆ ಮಾಡಿದವರನ್ನು ಗೌರವಿಸಲಾಗುವುದು ಎಂದು ತಿಳಿಸಿದರು.

ಮಾತನಾಡುತ್ತಾರೆ. ಬ್ಯಾಂಕುಗಳು, ಗ್ರಾಮ ಪಂಚಾಯಿತಿಗಳು, ಕೇಂದ್ರ, ರಾಜ್ಯ ಸರ್ಕಾರಿ ಕಚೇರಿಗಳು ಸೇರಿದಂತೆ ಎಲ್ಲ ಸಂಸ್ಥೆಗಳಲ್ಲಿ ಕನ್ನಡ ಬಳಕೆ ಕಡ್ಡಾಯವಾಗಬೇಕು ಎಂದು ಮುಖಂಡರು ಆಗ್ರಹಿಸಿದರು.

ಇದೇ ಅಕ್ಟೋಬರ್ 18ರಂದು ತರಬೇತಿ ನೀಡಲು ಜಿಲ್ಲಾಧಿಕಾರಿಗಳು ಸೂಚಿಸಿದರು. ಬಳಿಕ ಸಾರ್ವಜನಿಕರ ಸಲಹೆಗಳನ್ನು ಸ್ವೀಕರಿಸಿ ಅಗತ್ಯ ಕ್ರಮ ಕೈಗೊಳ್ಳಲಾಗುವುದು ಎಂದರು.

ಜಿಲ್ಲಾ ಪಂಚಾಯತ್ ಮುಖ್ಯ ಕಾರ್ಯನಿರ್ವಾಹಕ ಅಧಿಕಾರಿ ಮೋನಾ ರೋತ್, ಹೆಚ್ಚುವರಿ ಜಿಲ್ಲಾಧಿಕಾರಿ ಟಿ. ಜವರೇಗೌಡ, ಕನ್ನಡ ಮತ್ತು ಸಂಸ್ಕೃತಿ ಇಲಾಖೆಯ ಸಹಾಯಕ ನಿರ್ದೇಶಕರು ಹಾಗೂ ವಿವಿಧ ಸಂಘಟನೆಗಳ ಮುಖಂಡರು ಉಪಸ್ಥಿತರಿದ್ದರು.
